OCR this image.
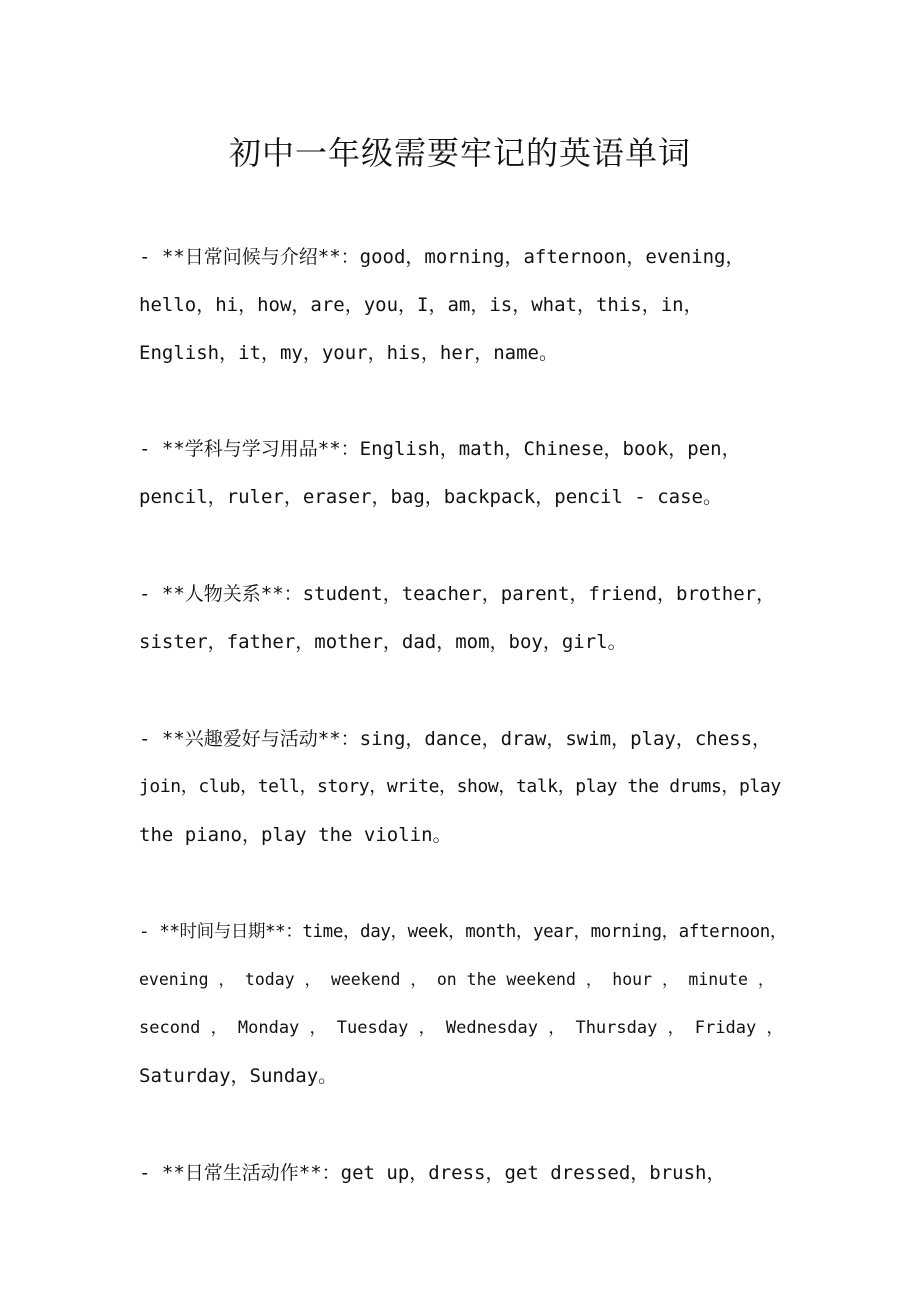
初中一年级需要牢记的英语单词
- **日常问候与介绍**：good，morning，afternoon，evening，
hello，hi，how，are，you，I，am，is，what，this，in，
English，it，my，your，his，her，name。
- **学科与学习用品**：English，math，Chinese，book，pen，
pencil，ruler，eraser，bag，backpack，pencil - case。
- **人物关系**：student，teacher，parent，friend，brother，
sister，father，mother，dad，mom，boy，girl。
- **兴趣爱好与活动**：sing，dance，draw，swim，play，chess，
join，club，tell，story，write，show，talk，play the drums，play
the piano，play the violin。
- **时间与日期**：time，day，week，month，year，morning，afternoon，
evening ， today ， weekend ， on the weekend ， hour ， minute ，
second ， Monday ， Tuesday ， Wednesday ， Thursday ， Friday ，
Saturday，Sunday。
- **日常生活动作**：get up，dress，get dressed，brush，
